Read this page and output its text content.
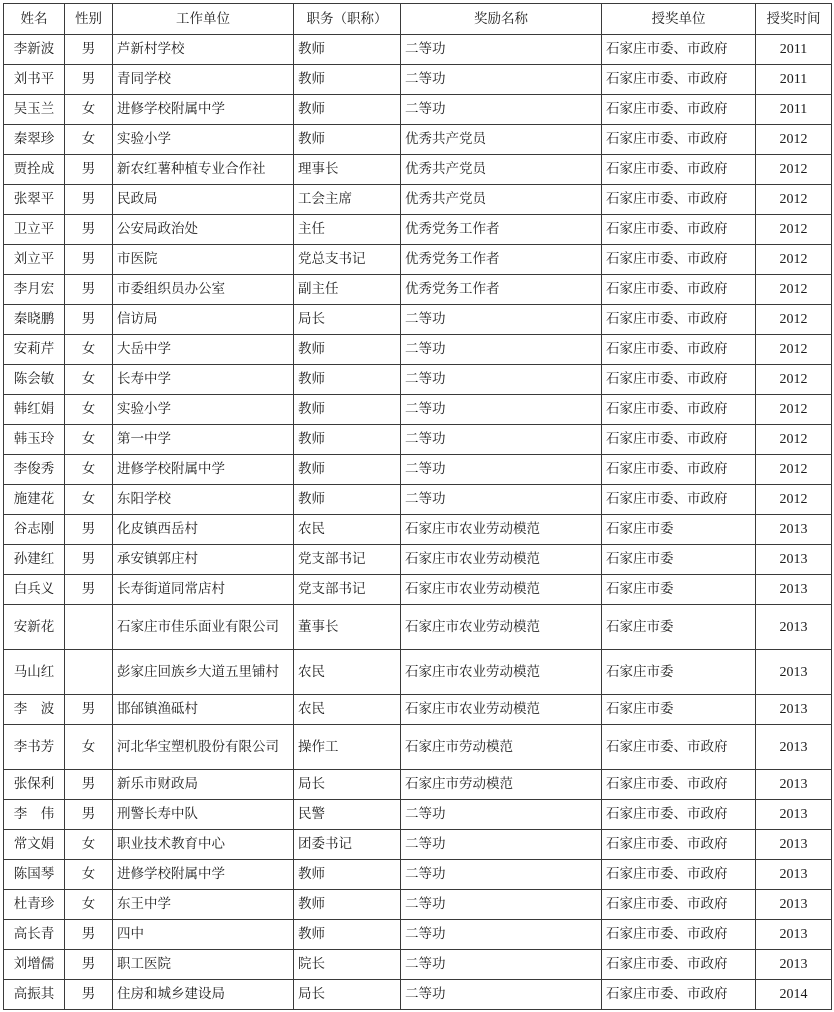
姓名	性别	工作单位	职务（职称）	奖励名称	授奖单位	授奖时间
李新波	男	芦新村学校	教师	二等功	石家庄市委、市政府	2011
刘书平	男	青同学校	教师	二等功	石家庄市委、市政府	2011
吴玉兰	女	进修学校附属中学	教师	二等功	石家庄市委、市政府	2011
秦翠珍	女	实验小学	教师	优秀共产党员	石家庄市委、市政府	2012
贾拴成	男	新农红薯种植专业合作社	理事长	优秀共产党员	石家庄市委、市政府	2012
张翠平	男	民政局	工会主席	优秀共产党员	石家庄市委、市政府	2012
卫立平	男	公安局政治处	主任	优秀党务工作者	石家庄市委、市政府	2012
刘立平	男	市医院	党总支书记	优秀党务工作者	石家庄市委、市政府	2012
李月宏	男	市委组织员办公室	副主任	优秀党务工作者	石家庄市委、市政府	2012
秦晓鹏	男	信访局	局长	二等功	石家庄市委、市政府	2012
安莉芹	女	大岳中学	教师	二等功	石家庄市委、市政府	2012
陈会敏	女	长寿中学	教师	二等功	石家庄市委、市政府	2012
韩红娟	女	实验小学	教师	二等功	石家庄市委、市政府	2012
韩玉玲	女	第一中学	教师	二等功	石家庄市委、市政府	2012
李俊秀	女	进修学校附属中学	教师	二等功	石家庄市委、市政府	2012
施建花	女	东阳学校	教师	二等功	石家庄市委、市政府	2012
谷志刚	男	化皮镇西岳村	农民	石家庄市农业劳动模范	石家庄市委	2013
孙建红	男	承安镇郭庄村	党支部书记	石家庄市农业劳动模范	石家庄市委	2013
白兵义	男	长寿街道同常店村	党支部书记	石家庄市农业劳动模范	石家庄市委	2013
安新花		石家庄市佳乐面业有限公司	董事长	石家庄市农业劳动模范	石家庄市委	2013
马山红		彭家庄回族乡大道五里铺村	农民	石家庄市农业劳动模范	石家庄市委	2013
李　波	男	邯邰镇渔砥村	农民	石家庄市农业劳动模范	石家庄市委	2013
李书芳	女	河北华宝塑机股份有限公司	操作工	石家庄市劳动模范	石家庄市委、市政府	2013
张保利	男	新乐市财政局	局长	石家庄市劳动模范	石家庄市委、市政府	2013
李　伟	男	刑警长寿中队	民警	二等功	石家庄市委、市政府	2013
常文娟	女	职业技术教育中心	团委书记	二等功	石家庄市委、市政府	2013
陈国琴	女	进修学校附属中学	教师	二等功	石家庄市委、市政府	2013
杜青珍	女	东王中学	教师	二等功	石家庄市委、市政府	2013
高长青	男	四中	教师	二等功	石家庄市委、市政府	2013
刘增儒	男	职工医院	院长	二等功	石家庄市委、市政府	2013
高振其	男	住房和城乡建设局	局长	二等功	石家庄市委、市政府	2014
